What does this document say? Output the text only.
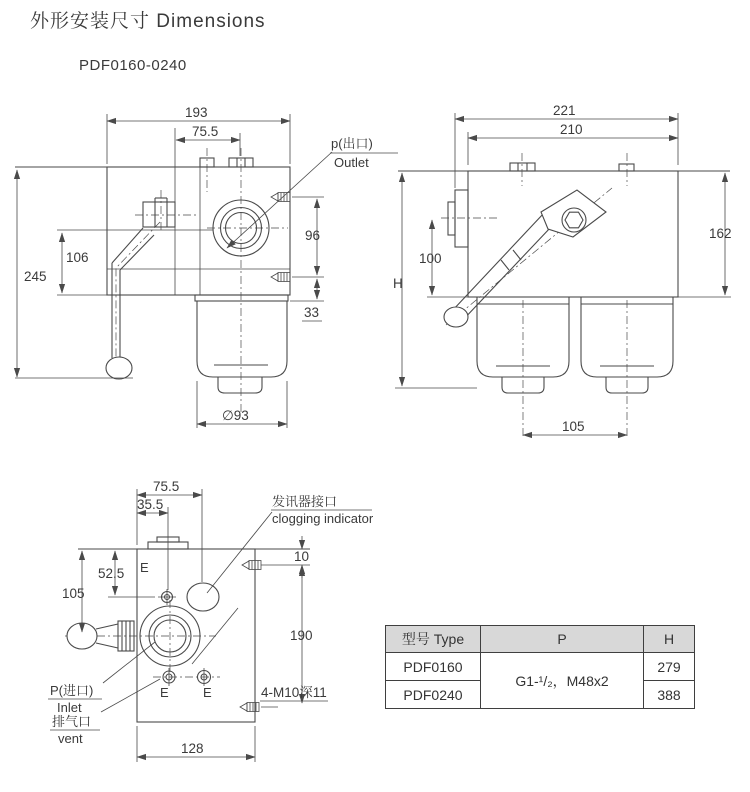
外形安装尺寸 Dimensions
PDF0160-0240
193
75.5
245
106
96
33
∅93
p(出口)
Outlet
221
210
162
100
H
105
75.5
35.5
52.5
105
10
190
128
4-M10深11
E
E	E
发讯器接口
clogging indicator
P(进口)
Inlet
排气口
vent
型号 Type	P	H
PDF0160	G1-¹/₂，M48x2	279
PDF0240		388
